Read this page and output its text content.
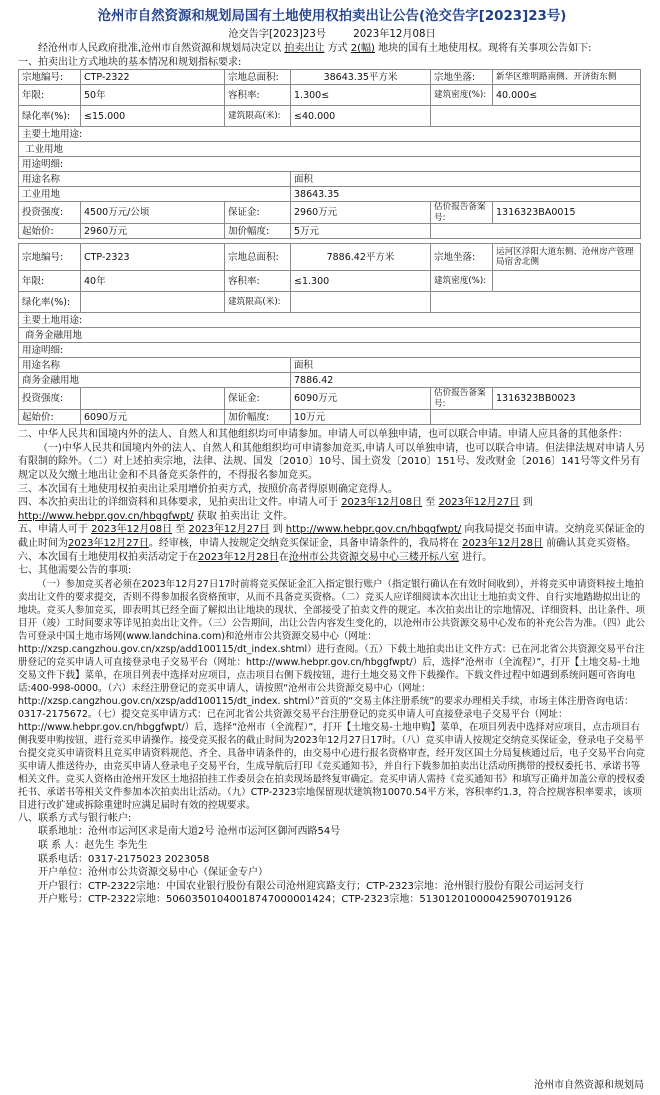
沧州市自然资源和规划局国有土地使用权拍卖出让公告(沧交告字[2023]23号)
沧交告字[2023]23号	2023年12月08日

经沧州市人民政府批准,沧州市自然资源和规划局决定以 拍卖出让 方式 2(幅) 地块的国有土地使用权。现将有关事项公告如下:

一、拍卖出让方式地块的基本情况和规划指标要求:

宗地编号:	CTP-2322	宗地总面积:	38643.35平方米	宗地坐落:	新华区维明路南侧、开济街东侧
年限:	50年	容积率:	1.300≤	建筑密度(%):	40.000≤
绿化率(%):	≤15.000	建筑限高(米):	≤40.000		
主要土地用途:					
工业用地					
用途明细:					
用途名称			面积		
工业用地			38643.35		
投资强度:	4500万元/公顷	保证金:	2960万元	估价报告备案号:	1316323BA0015
起始价:	2960万元	加价幅度:	5万元		
宗地编号:	CTP-2323	宗地总面积:	7886.42平方米	宗地坐落:	运河区浮阳大道东侧、沧州房产管理局宿舍北侧
年限:	40年	容积率:	≤1.300	建筑密度(%):	
绿化率(%):		建筑限高(米):			
主要土地用途:					
商务金融用地					
用途明细:					
用途名称			面积		
商务金融用地			7886.42		
投资强度:		保证金:	6090万元	估价报告备案号:	1316323BB0023
起始价:	6090万元	加价幅度:	10万元		

二、中华人民共和国境内外的法人、自然人和其他组织均可申请参加。申请人可以单独申请，也可以联合申请。申请人应具备的其他条件：

（一)中华人民共和国境内外的法人、自然人和其他组织均可申请参加竞买,申请人可以单独申请，也可以联合申请。但法律法规对申请人另有限制的除外。（二）对上述拍卖宗地，法律、法规、国发〔2010〕10号、国土资发〔2010〕151号、发改财金〔2016〕141号等文件另有规定以及欠缴土地出让金和不具备竞买条件的，不得报名参加竞买。

三、本次国有土地使用权拍卖出让采用增价拍卖方式，按照价高者得原则确定竞得人。

四、本次拍卖出让的详细资料和具体要求，见拍卖出让文件。申请人可于 2023年12月08日 至 2023年12月27日 到 http://www.hebpr.gov.cn/hbggfwpt/ 获取 拍卖出让 文件。

五、申请人可于 2023年12月08日 至 2023年12月27日 到 http://www.hebpr.gov.cn/hbggfwpt/ 向我局提交书面申请。交纳竞买保证金的截止时间为2023年12月27日。经审核，申请人按规定交纳竞买保证金，具备申请条件的，我局将在 2023年12月28日 前确认其竞买资格。

六、本次国有土地使用权拍卖活动定于在2023年12月28日在沧州市公共资源交易中心三楼开标八室 进行。

七、其他需要公告的事项:

（一）参加竞买者必须在2023年12月27日17时前将竞买保证金汇入指定银行账户（指定银行确认在有效时间收到），并将竞买申请资料按土地拍卖出让文件的要求提交，否则不得参加报名资格预审，从而不具备竞买资格。（二）竞买人应详细阅读本次出让土地拍卖文件、自行实地踏勘拟出让的地块。竞买人参加竞买，即表明其已经全面了解拟出让地块的现状、全部接受了拍卖文件的规定。本次拍卖出让的宗地情况、详细资料、出让条件、项目开（竣）工时间要求等详见拍卖出让文件。（三）公告期间，出让公告内容发生变化的，以沧州市公共资源交易中心发布的补充公告为准。（四）此公告可登录中国土地市场网(www.landchina.com)和沧州市公共资源交易中心（网址：http://xzsp.cangzhou.gov.cn/xzsp/add100115/dt_index.shtml）进行查阅。（五）下载土地拍卖出让文件方式：已在河北省公共资源交易平台注册登记的竞买申请人可直接登录电子交易平台（网址：http://www.hebpr.gov.cn/hbggfwpt/）后，选择“沧州市（全流程）”，打开【土地交易-土地交易文件下载】菜单，在项目列表中选择对应项目，点击项目右侧下载按钮，进行土地交易文件下载操作。下载文件过程中如遇到系统问题可咨询电话:400-998-0000。（六）未经注册登记的竞买申请人，请按照“沧州市公共资源交易中心（网址：http://xzsp.cangzhou.gov.cn/xzsp/add100115/dt_index. shtml）”首页的“交易主体注册系统”的要求办理相关手续，市场主体注册咨询电话：0317-2175672。（七）提交竞买申请方式：已在河北省公共资源交易平台注册登记的竞买申请人可直接登录电子交易平台（网址：http://www.hebpr.gov.cn/hbggfwpt/）后，选择“沧州市（全流程）”，打开【土地交易-土地申购】菜单，在项目列表中选择对应项目，点击项目右侧我要申购按钮，进行竞买申请操作。接受竞买报名的截止时间为2023年12月27日17时。（八）竞买申请人按规定交纳竞买保证金，登录电子交易平台提交竞买申请资料且竞买申请资料规范、齐全、具备申请条件的，由交易中心进行报名资格审查，经开发区国土分局复核通过后，电子交易平台向竞买申请人推送待办，由竞买申请人登录电子交易平台，生成导航后打印《竞买通知书》，并自行下载参加拍卖出让活动所携带的授权委托书、承诺书等相关文件。竞买人资格由沧州开发区土地招拍挂工作委员会在拍卖现场最终复审确定。竞买申请人需持《竞买通知书》和填写正确并加盖公章的授权委托书、承诺书等相关文件参加本次拍卖出让活动。（九）CTP-2323宗地保留现状建筑物10070.54平方米，容积率约1.3，符合控规容积率要求，该项目进行改扩建或拆除重建时应满足届时有效的控规要求。

八、联系方式与银行帐户:

联系地址：沧州市运河区求是南大道2号 沧州市运河区御河西路54号

联 系 人：赵先生 李先生

联系电话：0317-2175023 2023058

开户单位：沧州市公共资源交易中心（保证金专户）

开户银行：CTP-2322宗地：中国农业银行股份有限公司沧州迎宾路支行；CTP-2323宗地：沧州银行股份有限公司运河支行

开户账号：CTP-2322宗地：50603501040018747000001424；CTP-2323宗地：513012010000425907019126

沧州市自然资源和规划局
